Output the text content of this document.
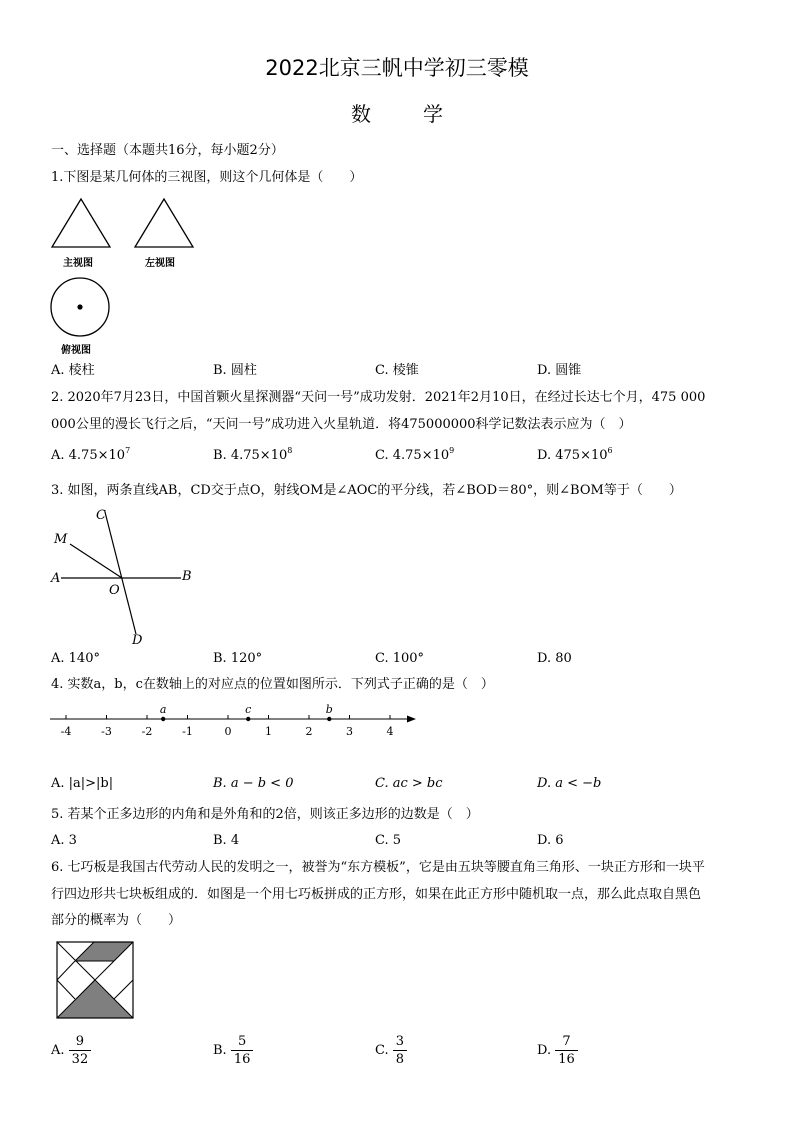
2022北京三帆中学初三零模
数学
一、选择题（本题共16分，每小题2分）
1.下图是某几何体的三视图，则这个几何体是（　　）
主视图	左视图
俯视图
A. 棱柱	B. 圆柱	C. 棱锥	D. 圆锥
2. 2020年7月23日，中国首颗火星探测器“天问一号”成功发射．2021年2月10日，在经过长达七个月，475 000
000公里的漫长飞行之后，“天问一号”成功进入火星轨道．将475000000科学记数法表示应为（　）
A. $4.75\times 10^7$	B. $4.75\times 10^8$	C. $4.75\times 10^9$	D. $475\times 10^6$
3. 如图，两条直线AB，CD交于点O，射线OM是∠AOC的平分线，若∠BOD＝80°，则∠BOM等于（　　）
C
M
A	B
O
D
A. 140°	B. 120°	C. 100°	D. 80
4. 实数a，b，c在数轴上的对应点的位置如图所示．下列式子正确的是（　）
-4	-3	-2	-1	0	1	2	3	4
a	c	b
A. |a|>|b|	B. a − b < 0	C. ac > bc	D. a < −b
5. 若某个正多边形的内角和是外角和的2倍，则该正多边形的边数是（　）
A. 3	B. 4	C. 5	D. 6
6. 七巧板是我国古代劳动人民的发明之一，被誉为“东方模板”，它是由五块等腰直角三角形、一块正方形和一块平
行四边形共七块板组成的．如图是一个用七巧板拼成的正方形，如果在此正方形中随机取一点，那么此点取自黑色
部分的概率为（　　）
A. $\frac{9}{32}$	B. $\frac{5}{16}$	C. $\frac{3}{8}$	D. $\frac{7}{16}$
